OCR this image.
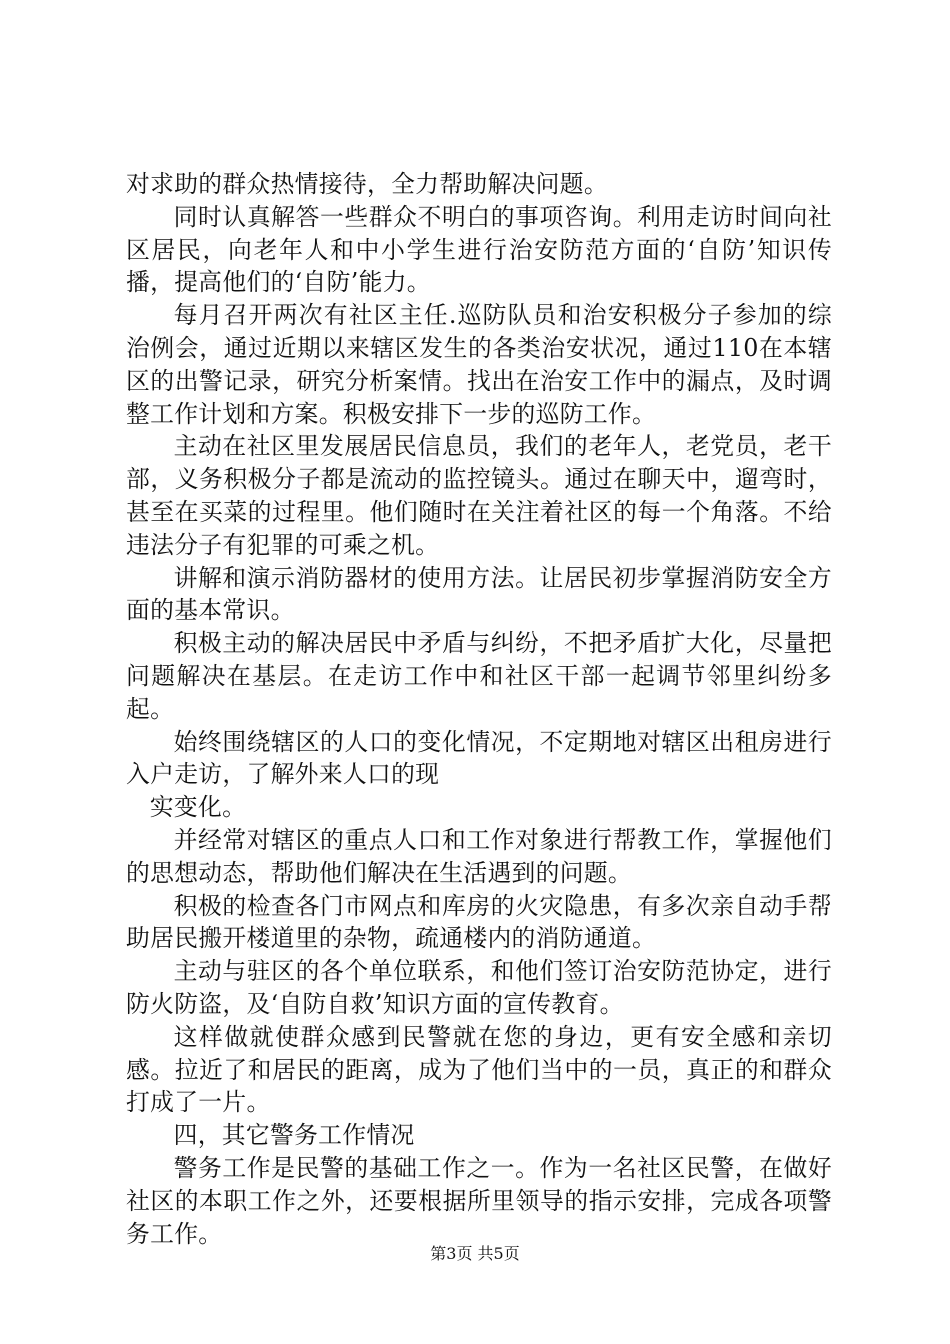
对求助的群众热情接待，全力帮助解决问题。

同时认真解答一些群众不明白的事项咨询。利用走访时间向社区居民，向老年人和中小学生进行治安防范方面的‘自防’知识传播，提高他们的‘自防’能力。

每月召开两次有社区主任.巡防队员和治安积极分子参加的综治例会，通过近期以来辖区发生的各类治安状况，通过110在本辖区的出警记录，研究分析案情。找出在治安工作中的漏点，及时调整工作计划和方案。积极安排下一步的巡防工作。

主动在社区里发展居民信息员，我们的老年人，老党员，老干部，义务积极分子都是流动的监控镜头。通过在聊天中，遛弯时，甚至在买菜的过程里。他们随时在关注着社区的每一个角落。不给违法分子有犯罪的可乘之机。

讲解和演示消防器材的使用方法。让居民初步掌握消防安全方面的基本常识。

积极主动的解决居民中矛盾与纠纷，不把矛盾扩大化，尽量把问题解决在基层。在走访工作中和社区干部一起调节邻里纠纷多起。

始终围绕辖区的人口的变化情况，不定期地对辖区出租房进行入户走访，了解外来人口的现

实变化。

并经常对辖区的重点人口和工作对象进行帮教工作，掌握他们的思想动态，帮助他们解决在生活遇到的问题。

积极的检查各门市网点和库房的火灾隐患，有多次亲自动手帮助居民搬开楼道里的杂物，疏通楼内的消防通道。

主动与驻区的各个单位联系，和他们签订治安防范协定，进行防火防盗，及‘自防自救’知识方面的宣传教育。

这样做就使群众感到民警就在您的身边，更有安全感和亲切感。拉近了和居民的距离，成为了他们当中的一员，真正的和群众打成了一片。

四，其它警务工作情况

警务工作是民警的基础工作之一。作为一名社区民警，在做好社区的本职工作之外，还要根据所里领导的指示安排，完成各项警务工作。

第3页 共5页
